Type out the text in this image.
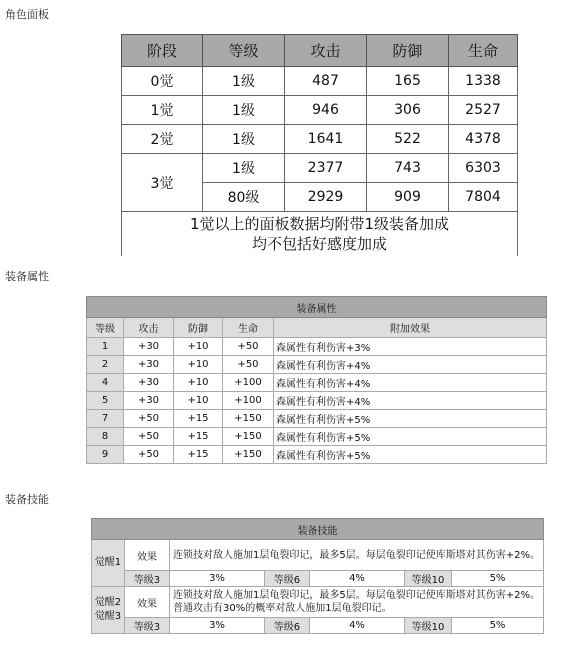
角色面板
阶段	等级	攻击	防御	生命
0觉	1级	487	165	1338
1觉	1级	946	306	2527
2觉	1级	1641	522	4378
3觉	1级	2377	743	6303
	80级	2929	909	7804

1觉以上的面板数据均附带1级装备加成
均不包括好感度加成				
装备属性
装备属性				
等级	攻击	防御	生命	附加效果
1	+30	+10	+50	森属性有利伤害+3%
2	+30	+10	+50	森属性有利伤害+4%
4	+30	+10	+100	森属性有利伤害+4%
5	+30	+10	+100	森属性有利伤害+4%
7	+50	+15	+150	森属性有利伤害+5%
8	+50	+15	+150	森属性有利伤害+5%
9	+50	+15	+150	森属性有利伤害+5%
装备技能
装备技能						
觉醒1	效果	连锁技对敌人施加1层龟裂印记，最多5层。每层龟裂印记使库斯塔对其伤害+2%。				
	等级3	3%	等级6	4%	等级10	5%

觉醒2
觉醒3	效果	连锁技对敌人施加1层龟裂印记，最多5层。每层龟裂印记使库斯塔对其伤害+2%。普通攻击有30%的概率对敌人施加1层龟裂印记。				
	等级3	3%	等级6	4%	等级10	5%
